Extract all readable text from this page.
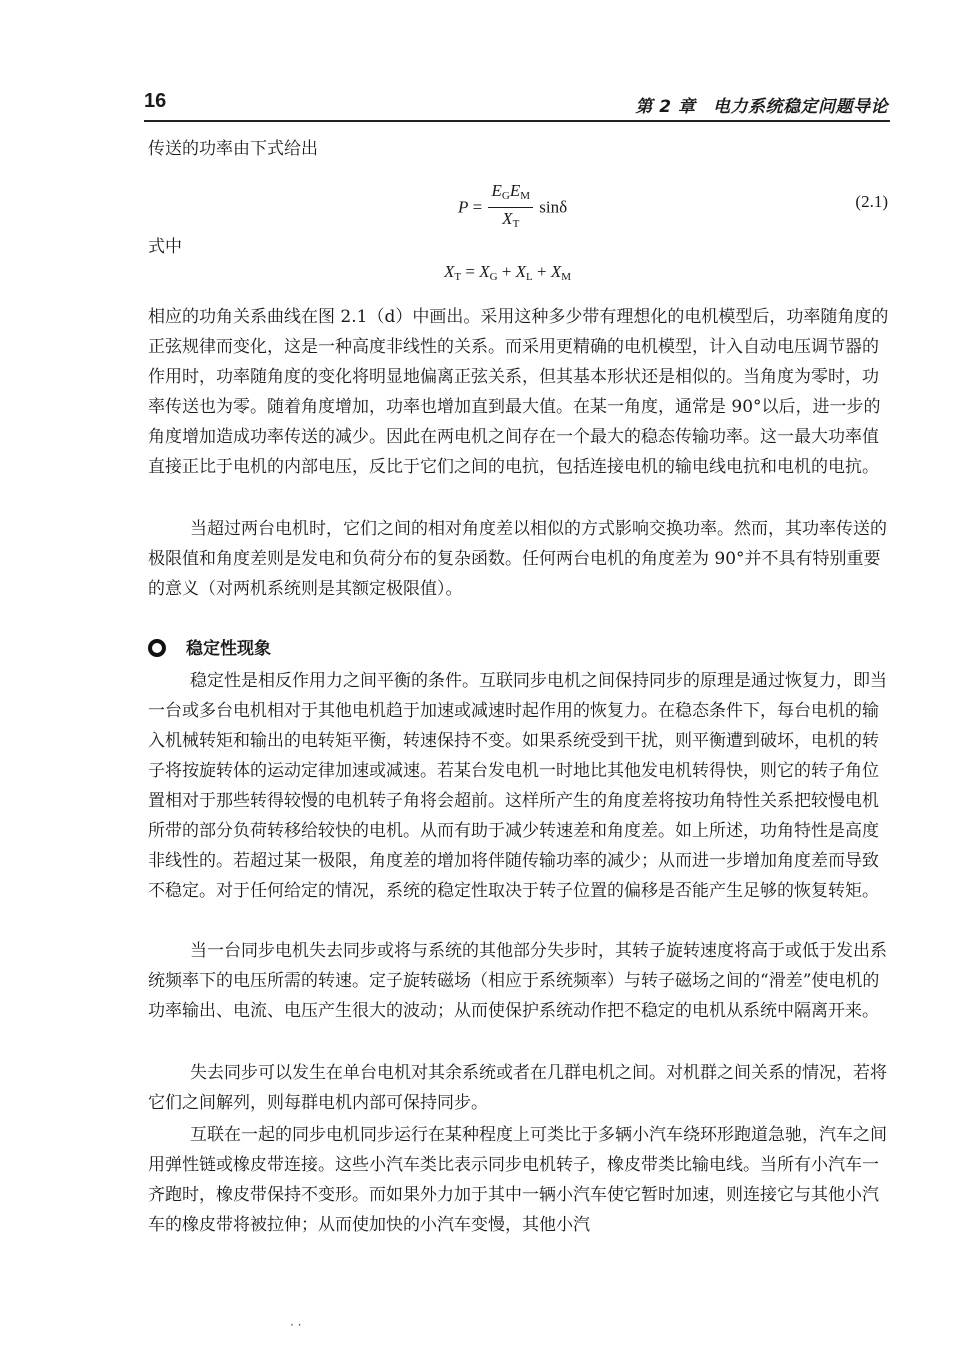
16	第 2 章　电力系统稳定问题导论
传送的功率由下式给出
$P = \frac{E_GE_M}{X_T}$ sinδ	(2.1)
式中
$X_T = X_G + X_L + X_M$
相应的功角关系曲线在图 2.1（d）中画出。采用这种多少带有理想化的电机模型后，功率随角度的正弦规律而变化，这是一种高度非线性的关系。而采用更精确的电机模型，计入自动电压调节器的作用时，功率随角度的变化将明显地偏离正弦关系，但其基本形状还是相似的。当角度为零时，功率传送也为零。随着角度增加，功率也增加直到最大值。在某一角度，通常是 90°以后，进一步的角度增加造成功率传送的减少。因此在两电机之间存在一个最大的稳态传输功率。这一最大功率值直接正比于电机的内部电压，反比于它们之间的电抗，包括连接电机的输电线电抗和电机的电抗。
当超过两台电机时，它们之间的相对角度差以相似的方式影响交换功率。然而，其功率传送的极限值和角度差则是发电和负荷分布的复杂函数。任何两台电机的角度差为 90°并不具有特别重要的意义（对两机系统则是其额定极限值）。
稳定性现象
稳定性是相反作用力之间平衡的条件。互联同步电机之间保持同步的原理是通过恢复力，即当一台或多台电机相对于其他电机趋于加速或减速时起作用的恢复力。在稳态条件下，每台电机的输入机械转矩和输出的电转矩平衡，转速保持不变。如果系统受到干扰，则平衡遭到破坏，电机的转子将按旋转体的运动定律加速或减速。若某台发电机一时地比其他发电机转得快，则它的转子角位置相对于那些转得较慢的电机转子角将会超前。这样所产生的角度差将按功角特性关系把较慢电机所带的部分负荷转移给较快的电机。从而有助于减少转速差和角度差。如上所述，功角特性是高度非线性的。若超过某一极限，角度差的增加将伴随传输功率的减少；从而进一步增加角度差而导致不稳定。对于任何给定的情况，系统的稳定性取决于转子位置的偏移是否能产生足够的恢复转矩。
当一台同步电机失去同步或将与系统的其他部分失步时，其转子旋转速度将高于或低于发出系统频率下的电压所需的转速。定子旋转磁场（相应于系统频率）与转子磁场之间的“滑差”使电机的功率输出、电流、电压产生很大的波动；从而使保护系统动作把不稳定的电机从系统中隔离开来。
失去同步可以发生在单台电机对其余系统或者在几群电机之间。对机群之间关系的情况，若将它们之间解列，则每群电机内部可保持同步。
互联在一起的同步电机同步运行在某种程度上可类比于多辆小汽车绕环形跑道急驰，汽车之间用弹性链或橡皮带连接。这些小汽车类比表示同步电机转子，橡皮带类比输电线。当所有小汽车一齐跑时，橡皮带保持不变形。而如果外力加于其中一辆小汽车使它暂时加速，则连接它与其他小汽车的橡皮带将被拉伸；从而使加快的小汽车变慢，其他小汽
· ·
